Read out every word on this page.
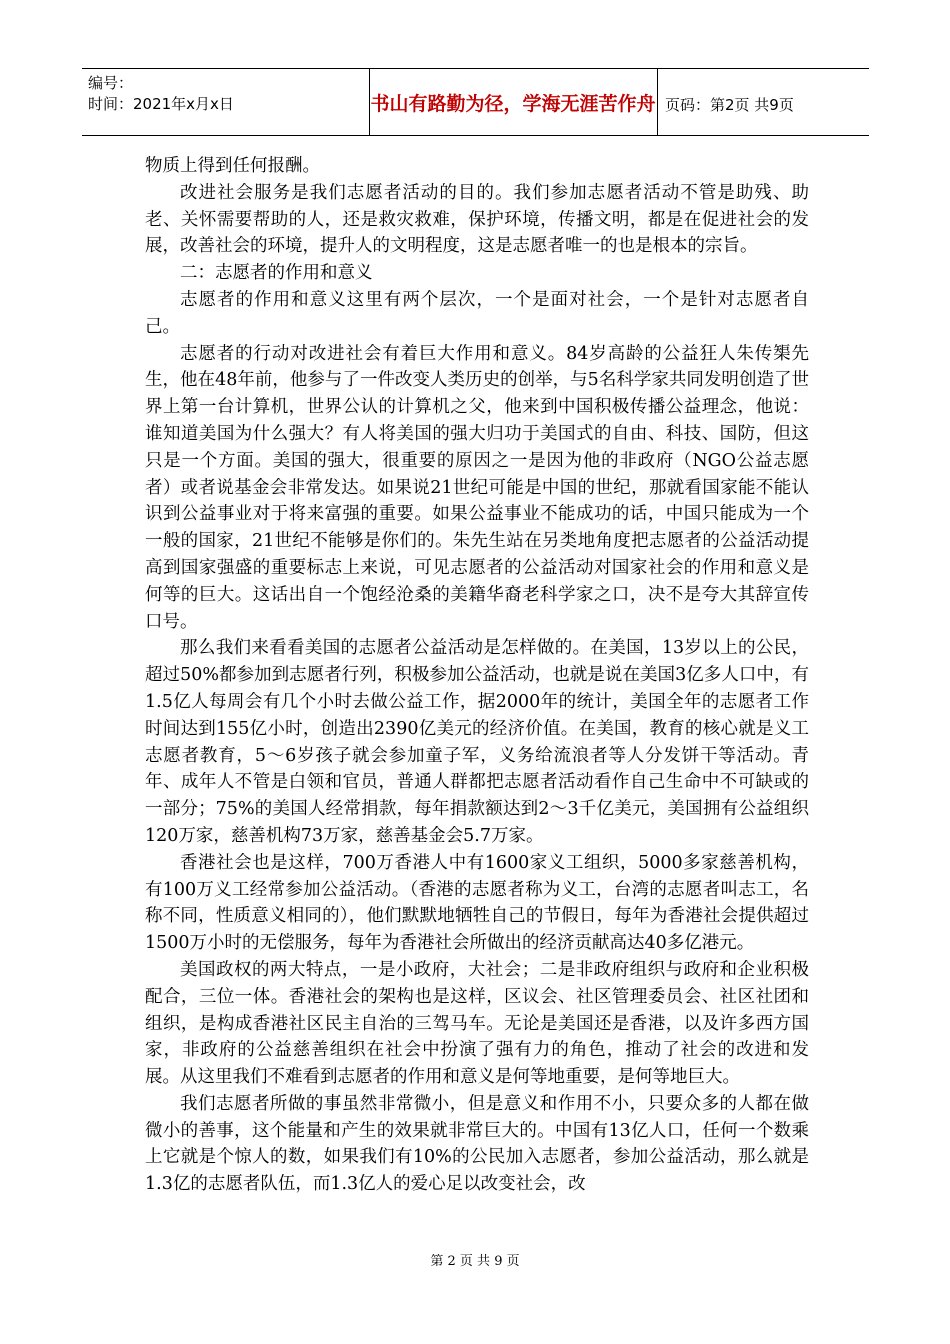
编号：
时间：2021年x月x日	书山有路勤为径，学海无涯苦作舟 页码：第2页 共9页

物质上得到任何报酬。

改进社会服务是我们志愿者活动的目的。我们参加志愿者活动不管是助残、助老、关怀需要帮助的人，还是救灾救难，保护环境，传播文明，都是在促进社会的发展，改善社会的环境，提升人的文明程度，这是志愿者唯一的也是根本的宗旨。

二：志愿者的作用和意义

志愿者的作用和意义这里有两个层次，一个是面对社会，一个是针对志愿者自己。

志愿者的行动对改进社会有着巨大作用和意义。84岁高龄的公益狂人朱传榘先生，他在48年前，他参与了一件改变人类历史的创举，与5名科学家共同发明创造了世界上第一台计算机，世界公认的计算机之父，他来到中国积极传播公益理念，他说： 谁知道美国为什么强大？有人将美国的强大归功于美国式的自由、科技、国防，但这只是一个方面。美国的强大，很重要的原因之一是因为他的非政府（NGO公益志愿者）或者说基金会非常发达。如果说21世纪可能是中国的世纪，那就看国家能不能认识到公益事业对于将来富强的重要。如果公益事业不能成功的话，中国只能成为一个一般的国家，21世纪不能够是你们的。朱先生站在另类地角度把志愿者的公益活动提高到国家强盛的重要标志上来说，可见志愿者的公益活动对国家社会的作用和意义是何等的巨大。这话出自一个饱经沧桑的美籍华裔老科学家之口，决不是夸大其辞宣传口号。

那么我们来看看美国的志愿者公益活动是怎样做的。在美国，13岁以上的公民，超过50%都参加到志愿者行列，积极参加公益活动，也就是说在美国3亿多人口中，有1.5亿人每周会有几个小时去做公益工作，据2000年的统计，美国全年的志愿者工作时间达到155亿小时，创造出2390亿美元的经济价值。在美国，教育的核心就是义工志愿者教育，5～6岁孩子就会参加童子军，义务给流浪者等人分发饼干等活动。青年、成年人不管是白领和官员，普通人群都把志愿者活动看作自己生命中不可缺或的一部分；75%的美国人经常捐款，每年捐款额达到2～3千亿美元，美国拥有公益组织120万家，慈善机构73万家，慈善基金会5.7万家。

香港社会也是这样，700万香港人中有1600家义工组织，5000多家慈善机构，有100万义工经常参加公益活动。（香港的志愿者称为义工，台湾的志愿者叫志工，名称不同，性质意义相同的），他们默默地牺牲自己的节假日，每年为香港社会提供超过1500万小时的无偿服务，每年为香港社会所做出的经济贡献高达40多亿港元。

美国政权的两大特点，一是小政府，大社会；二是非政府组织与政府和企业积极配合，三位一体。香港社会的架构也是这样，区议会、社区管理委员会、社区社团和组织，是构成香港社区民主自治的三驾马车。无论是美国还是香港，以及许多西方国家，非政府的公益慈善组织在社会中扮演了强有力的角色，推动了社会的改进和发展。从这里我们不难看到志愿者的作用和意义是何等地重要，是何等地巨大。

我们志愿者所做的事虽然非常微小，但是意义和作用不小，只要众多的人都在做微小的善事，这个能量和产生的效果就非常巨大的。中国有13亿人口，任何一个数乘上它就是个惊人的数，如果我们有10%的公民加入志愿者，参加公益活动，那么就是1.3亿的志愿者队伍，而1.3亿人的爱心足以改变社会，改

第 2 页 共 9 页
